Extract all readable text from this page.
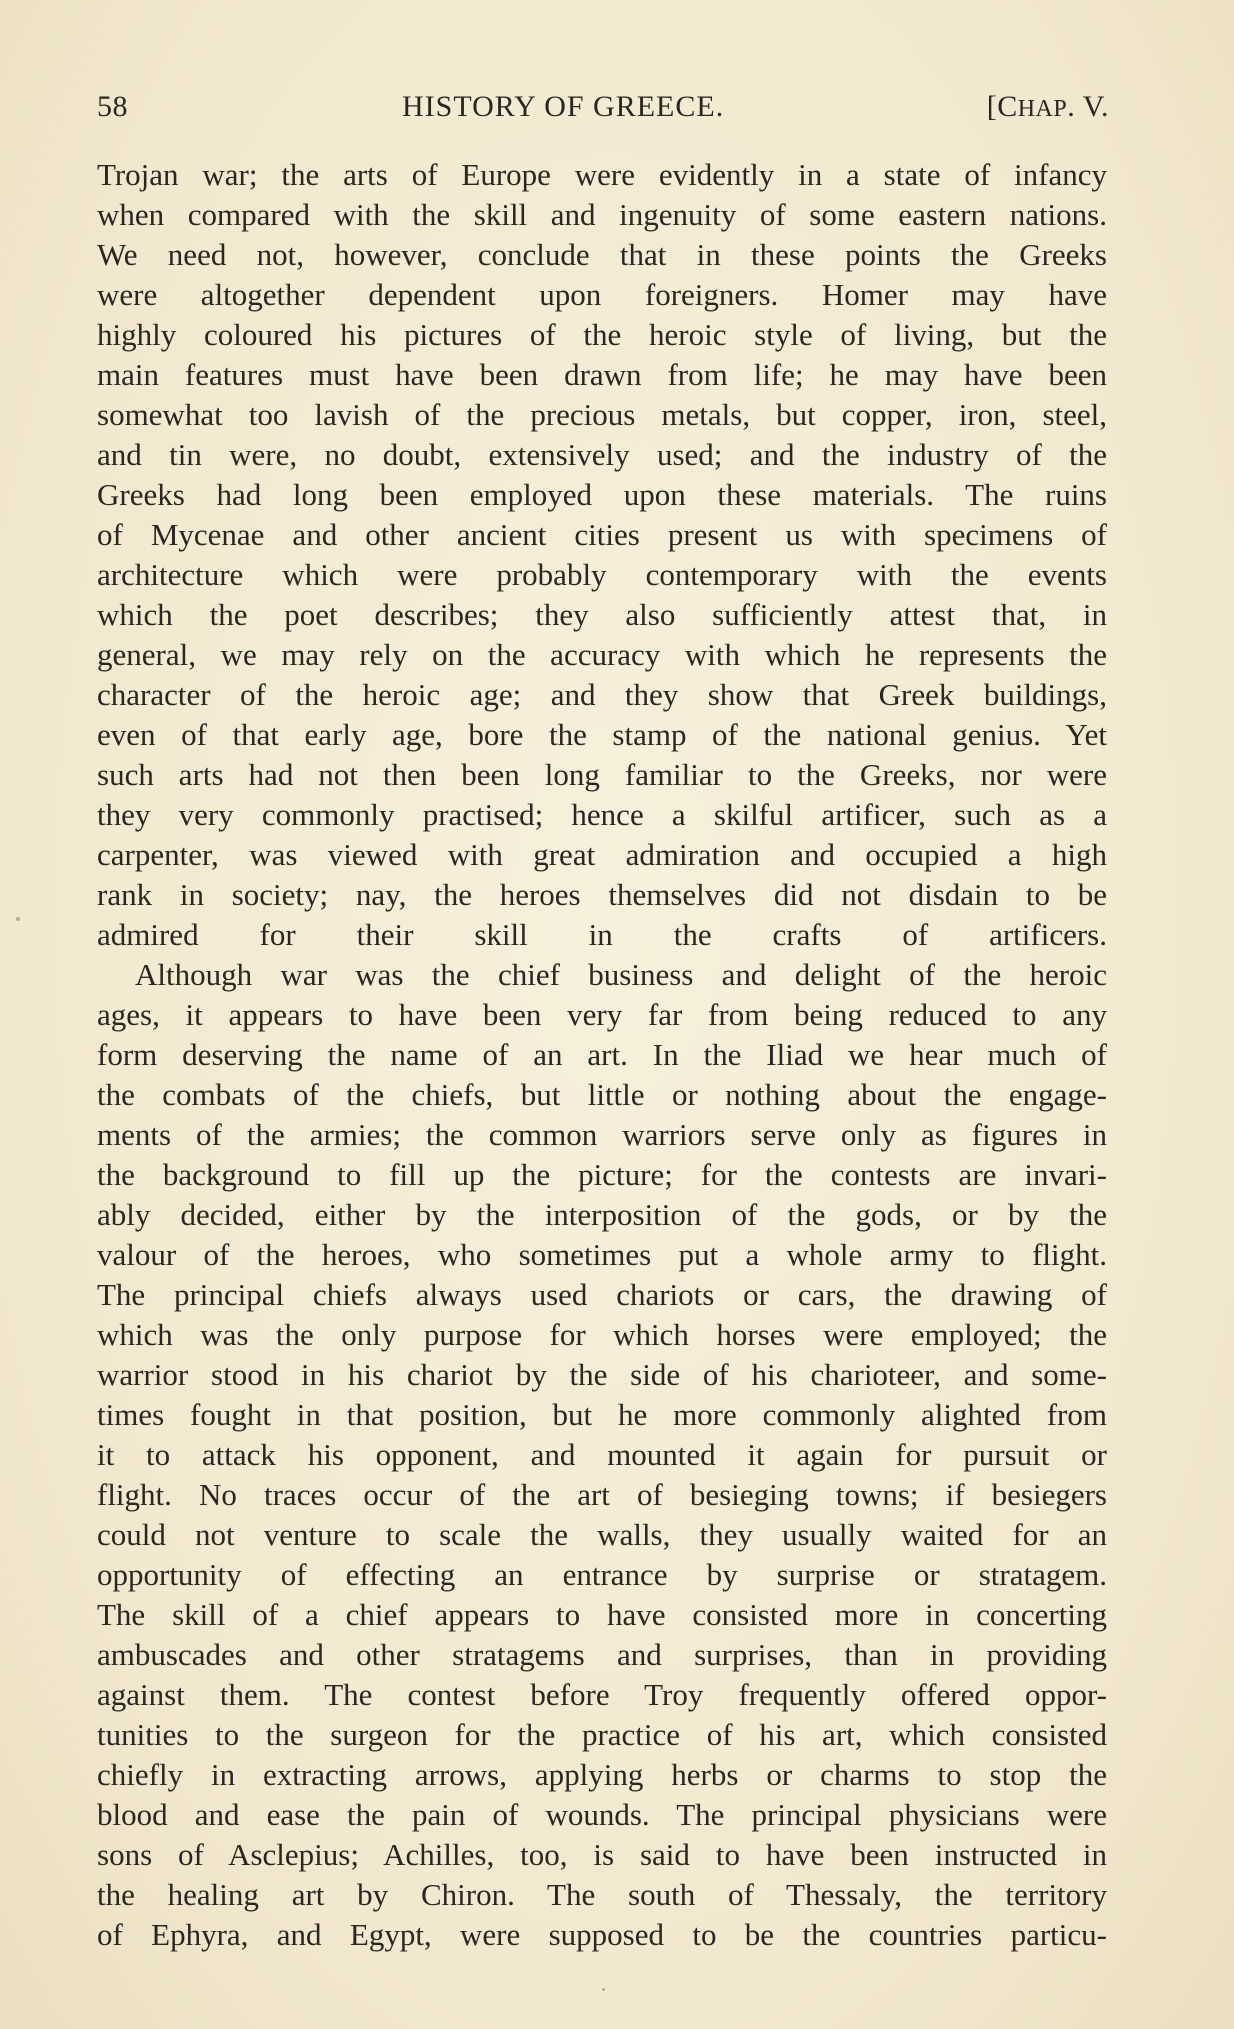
58	HISTORY OF GREECE.	[CHAP. V.
Trojan war; the arts of Europe were evidently in a state of infancy
when compared with the skill and ingenuity of some eastern nations.
We need not, however, conclude that in these points the Greeks
were altogether dependent upon foreigners. Homer may have
highly coloured his pictures of the heroic style of living, but the
main features must have been drawn from life; he may have been
somewhat too lavish of the precious metals, but copper, iron, steel,
and tin were, no doubt, extensively used; and the industry of the
Greeks had long been employed upon these materials. The ruins
of Mycenae and other ancient cities present us with specimens of
architecture which were probably contemporary with the events
which the poet describes; they also sufficiently attest that, in
general, we may rely on the accuracy with which he represents the
character of the heroic age; and they show that Greek buildings,
even of that early age, bore the stamp of the national genius. Yet
such arts had not then been long familiar to the Greeks, nor were
they very commonly practised; hence a skilful artificer, such as a
carpenter, was viewed with great admiration and occupied a high
rank in society; nay, the heroes themselves did not disdain to be
admired for their skill in the crafts of artificers.
Although war was the chief business and delight of the heroic
ages, it appears to have been very far from being reduced to any
form deserving the name of an art. In the Iliad we hear much of
the combats of the chiefs, but little or nothing about the engage-
ments of the armies; the common warriors serve only as figures in
the background to fill up the picture; for the contests are invari-
ably decided, either by the interposition of the gods, or by the
valour of the heroes, who sometimes put a whole army to flight.
The principal chiefs always used chariots or cars, the drawing of
which was the only purpose for which horses were employed; the
warrior stood in his chariot by the side of his charioteer, and some-
times fought in that position, but he more commonly alighted from
it to attack his opponent, and mounted it again for pursuit or
flight. No traces occur of the art of besieging towns; if besiegers
could not venture to scale the walls, they usually waited for an
opportunity of effecting an entrance by surprise or stratagem.
The skill of a chief appears to have consisted more in concerting
ambuscades and other stratagems and surprises, than in providing
against them. The contest before Troy frequently offered oppor-
tunities to the surgeon for the practice of his art, which consisted
chiefly in extracting arrows, applying herbs or charms to stop the
blood and ease the pain of wounds. The principal physicians were
sons of Asclepius; Achilles, too, is said to have been instructed in
the healing art by Chiron. The south of Thessaly, the territory
of Ephyra, and Egypt, were supposed to be the countries particu-
